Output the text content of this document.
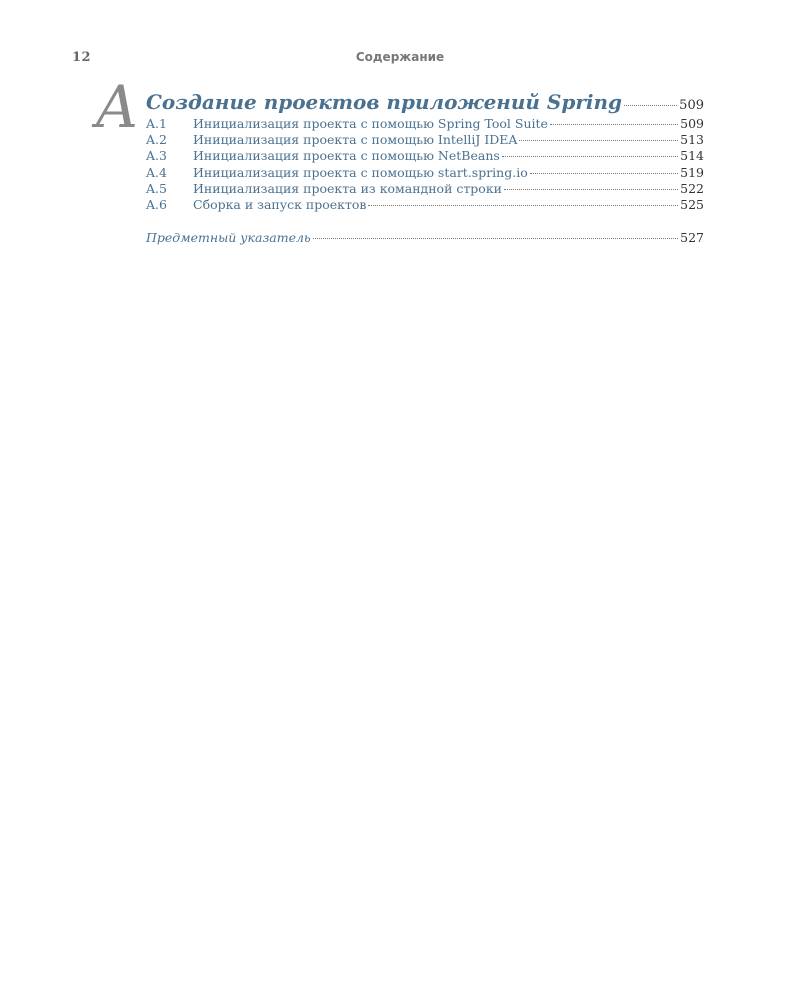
12	Содержание
A Создание проектов приложений Spring	509
A.1	Инициализация проекта с помощью Spring Tool Suite	509
A.2	Инициализация проекта с помощью IntelliJ IDEA	513
A.3	Инициализация проекта с помощью NetBeans	514
A.4	Инициализация проекта с помощью start.spring.io	519
A.5	Инициализация проекта из командной строки	522
A.6	Сборка и запуск проектов	525
Предметный указатель	527
